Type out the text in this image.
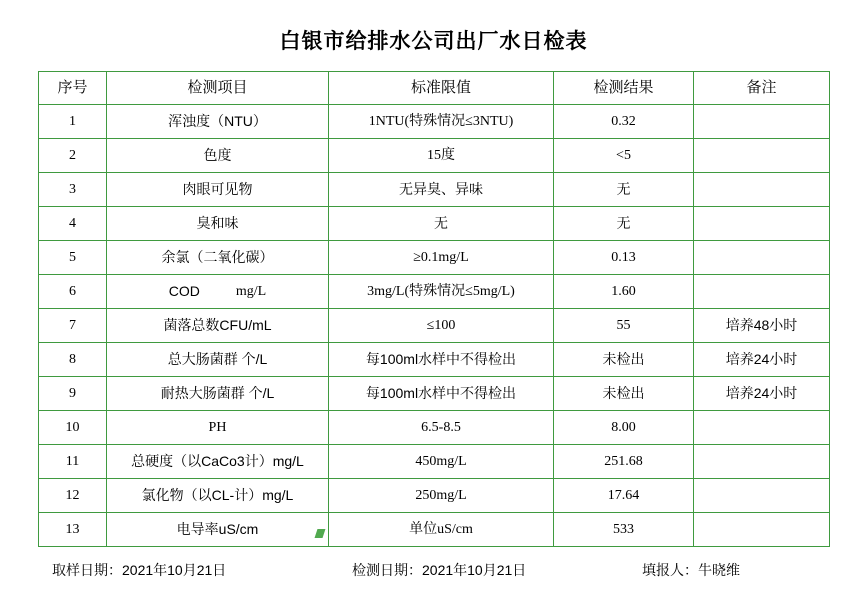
白银市给排水公司出厂水日检表
序号	检测项目	标准限值	检测结果	备注
1	浑浊度（NTU）	1NTU(特殊情况≤3NTU)	0.32	
2	色度	15度	<5	
3	肉眼可见物	无异臭、异味	无	
4	臭和味	无	无	
5	余氯（二氧化碳）	≥0.1mg/L	0.13	
6	COD mg/L	3mg/L(特殊情况≤5mg/L)	1.60	
7	菌落总数CFU/mL	≤100	55	培养48小时
8	总大肠菌群 个/L	每100ml水样中不得检出	未检出	培养24小时
9	耐热大肠菌群 个/L	每100ml水样中不得检出	未检出	培养24小时
10	PH	6.5-8.5	8.00	
11	总硬度（以CaCo3计）mg/L	450mg/L	251.68	
12	氯化物（以CL-计）mg/L	250mg/L	17.64	
13	电导率uS/cm	单位uS/cm	533	
取样日期：2021年10月21日	检测日期：2021年10月21日	填报人：牛晓维
